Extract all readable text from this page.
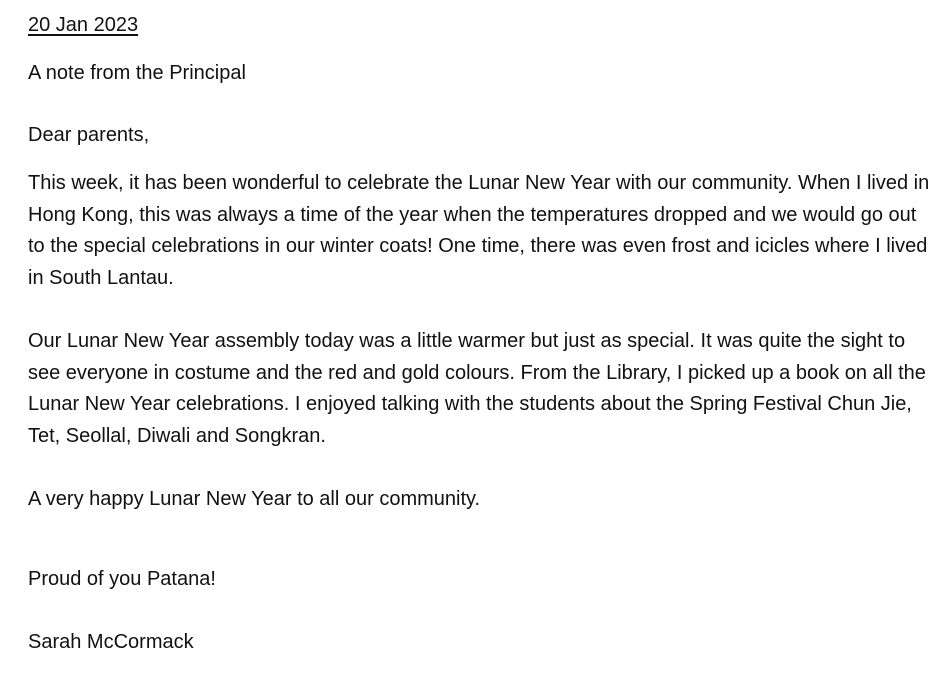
20 Jan 2023
A note from the Principal
Dear parents,
This week, it has been wonderful to celebrate the Lunar New Year with our community. When I lived in Hong Kong, this was always a time of the year when the temperatures dropped and we would go out to the special celebrations in our winter coats! One time, there was even frost and icicles where I lived in South Lantau.
Our Lunar New Year assembly today was a little warmer but just as special. It was quite the sight to see everyone in costume and the red and gold colours. From the Library, I picked up a book on all the Lunar New Year celebrations. I enjoyed talking with the students about the Spring Festival Chun Jie, Tet, Seollal, Diwali and Songkran.
A very happy Lunar New Year to all our community.
Proud of you Patana!
Sarah McCormack
